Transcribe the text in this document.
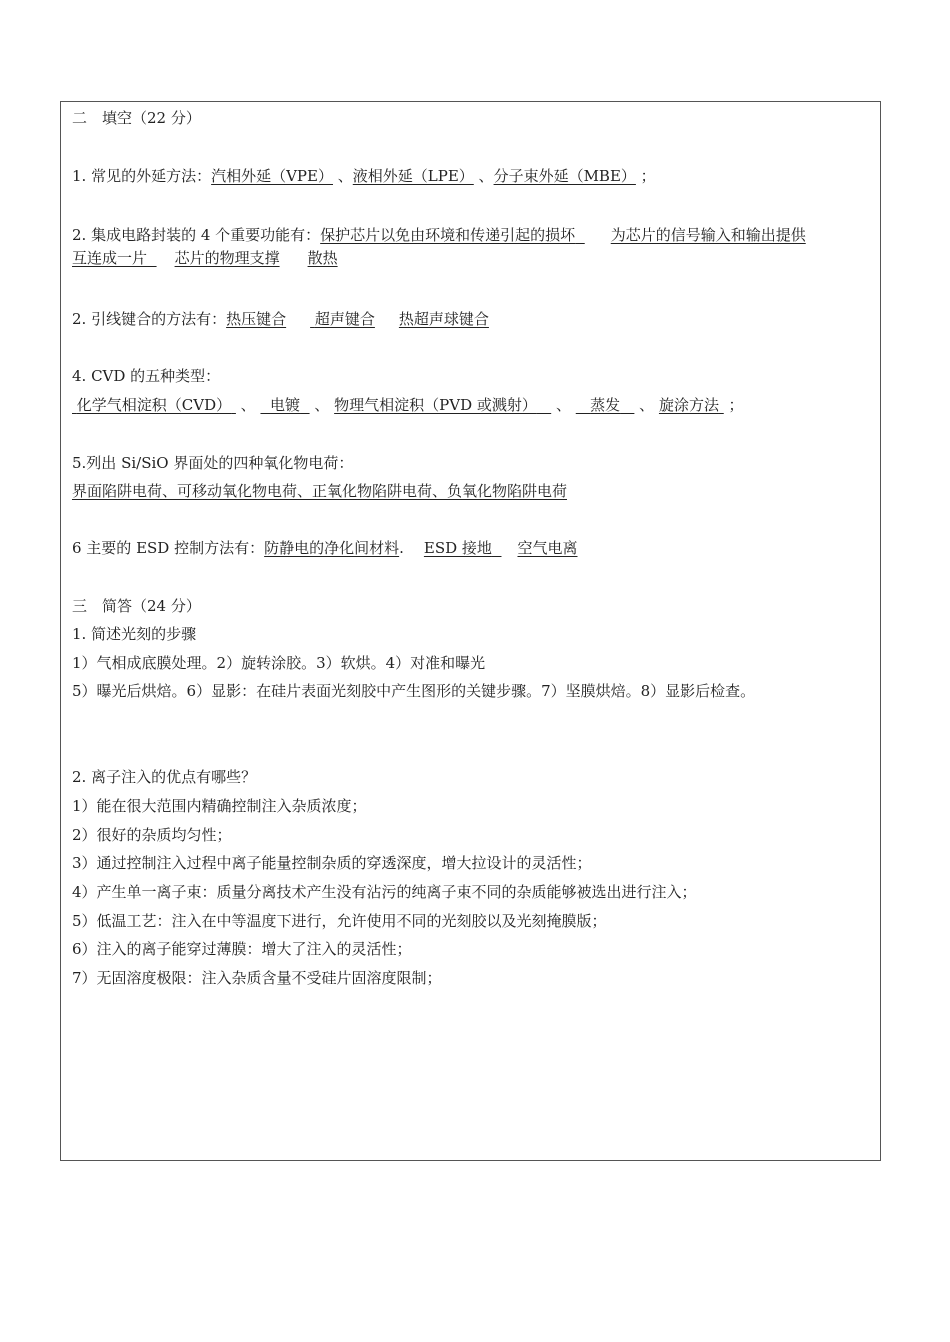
二　填空（22 分）
1. 常见的外延方法：汽相外延（VPE） 、液相外延（LPE） 、分子束外延（MBE） ；
2. 集成电路封装的 4 个重要功能有：保护芯片以免由环境和传递引起的损坏 为芯片的信号输入和输出提供
互连成一片 芯片的物理支撑 散热
2. 引线键合的方法有：热压键合 超声键合 热超声球键合
4. CVD 的五种类型：
化学气相淀积（CVD）  、 电镀   、 物理气相淀积（PVD 或溅射）    、 蒸发    、 旋涂方法  ；
5.列出 Si/SiO 界面处的四种氧化物电荷：
界面陷阱电荷、可移动氧化物电荷、正氧化物陷阱电荷、负氧化物陷阱电荷
6 主要的 ESD 控制方法有：防静电的净化间材料. ESD 接地 空气电离
三　简答（24 分）
1. 简述光刻的步骤
1）气相成底膜处理。2）旋转涂胶。3）软烘。4）对准和曝光
5）曝光后烘焙。6）显影：在硅片表面光刻胶中产生图形的关键步骤。7）坚膜烘焙。8）显影后检查。
2. 离子注入的优点有哪些？
1）能在很大范围内精确控制注入杂质浓度；
2）很好的杂质均匀性；
3）通过控制注入过程中离子能量控制杂质的穿透深度，增大拉设计的灵活性；
4）产生单一离子束：质量分离技术产生没有沾污的纯离子束不同的杂质能够被选出进行注入；
5）低温工艺：注入在中等温度下进行，允许使用不同的光刻胶以及光刻掩膜版；
6）注入的离子能穿过薄膜：增大了注入的灵活性；
7）无固溶度极限：注入杂质含量不受硅片固溶度限制；
